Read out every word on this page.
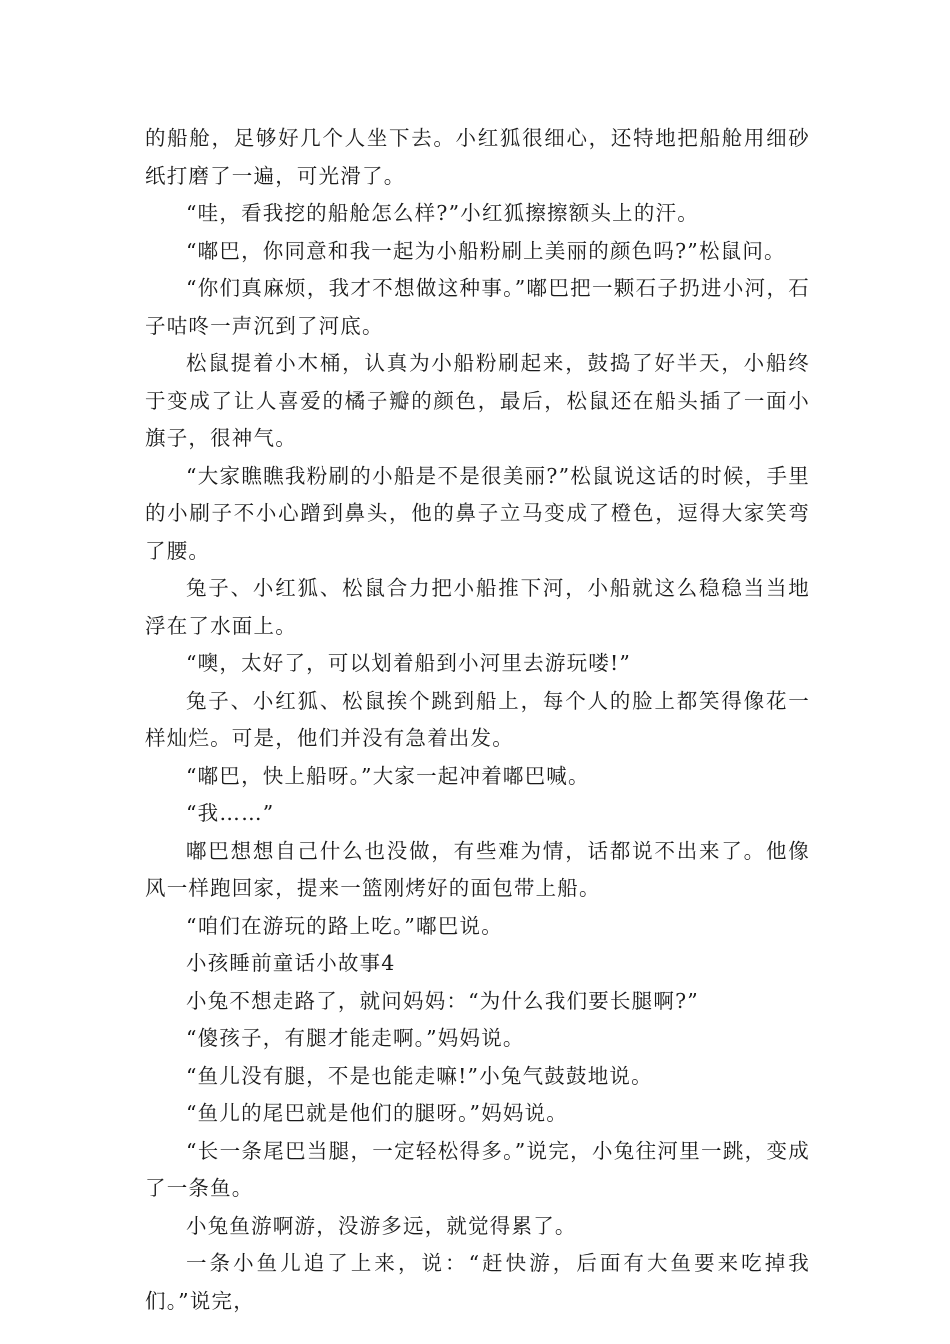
的船舱，足够好几个人坐下去。小红狐很细心，还特地把船舱用细砂纸打磨了一遍，可光滑了。

“哇，看我挖的船舱怎么样?”小红狐擦擦额头上的汗。

“嘟巴，你同意和我一起为小船粉刷上美丽的颜色吗?”松鼠问。

“你们真麻烦，我才不想做这种事。”嘟巴把一颗石子扔进小河，石子咕咚一声沉到了河底。

松鼠提着小木桶，认真为小船粉刷起来，鼓捣了好半天，小船终于变成了让人喜爱的橘子瓣的颜色，最后，松鼠还在船头插了一面小旗子，很神气。

“大家瞧瞧我粉刷的小船是不是很美丽?”松鼠说这话的时候，手里的小刷子不小心蹭到鼻头，他的鼻子立马变成了橙色，逗得大家笑弯了腰。

兔子、小红狐、松鼠合力把小船推下河，小船就这么稳稳当当地浮在了水面上。

“噢，太好了，可以划着船到小河里去游玩喽!”

兔子、小红狐、松鼠挨个跳到船上，每个人的脸上都笑得像花一样灿烂。可是，他们并没有急着出发。

“嘟巴，快上船呀。”大家一起冲着嘟巴喊。

“我……”

嘟巴想想自己什么也没做，有些难为情，话都说不出来了。他像风一样跑回家，提来一篮刚烤好的面包带上船。

“咱们在游玩的路上吃。”嘟巴说。

小孩睡前童话小故事4

小兔不想走路了，就问妈妈：“为什么我们要长腿啊?”

“傻孩子，有腿才能走啊。”妈妈说。

“鱼儿没有腿，不是也能走嘛!”小兔气鼓鼓地说。

“鱼儿的尾巴就是他们的腿呀。”妈妈说。

“长一条尾巴当腿，一定轻松得多。”说完，小兔往河里一跳，变成了一条鱼。

小兔鱼游啊游，没游多远，就觉得累了。

一条小鱼儿追了上来，说：“赶快游，后面有大鱼要来吃掉我们。”说完，
